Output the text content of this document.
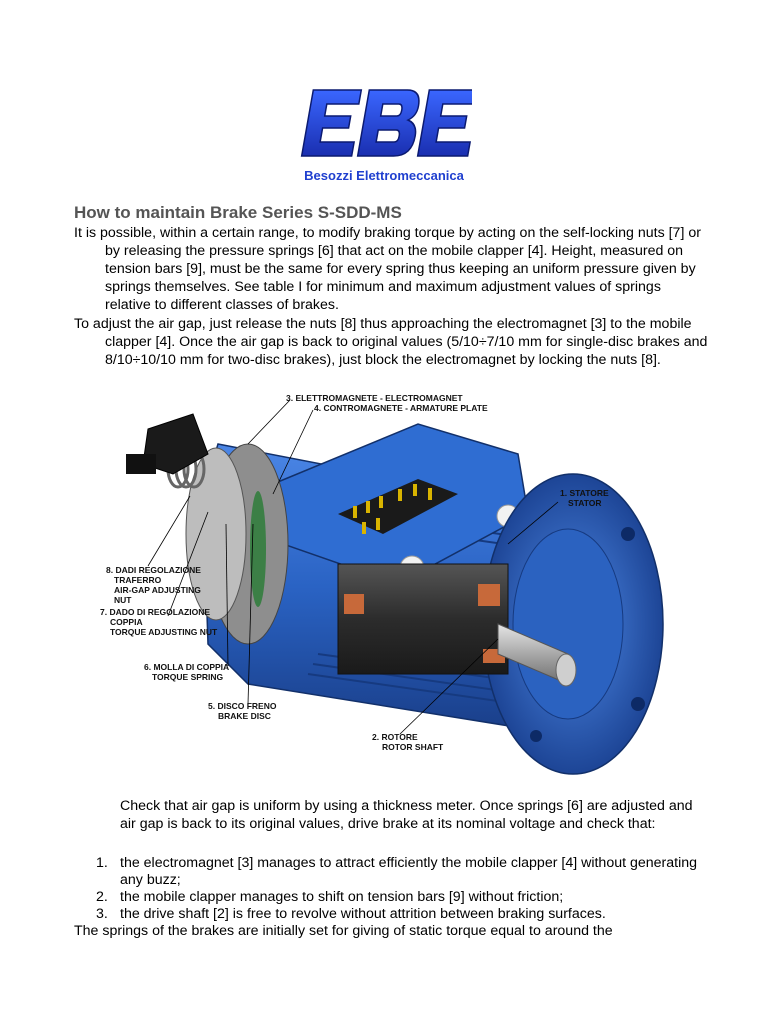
Besozzi Elettromeccanica
How to maintain Brake Series S-SDD-MS

It is possible, within a certain range, to modify braking torque by acting on the self-locking nuts [7] or by releasing the pressure springs [6] that act on the mobile clapper [4]. Height, measured on tension bars [9], must be the same for every spring thus keeping an uniform pressure given by springs themselves. See table I for minimum and maximum adjustment values of springs relative to different classes of brakes.

To adjust the air gap, just release the nuts [8] thus approaching the electromagnet [3] to the mobile clapper [4]. Once the air gap is back to original values (5/10÷7/10 mm for single-disc brakes and 8/10÷10/10 mm for two-disc brakes), just block the electromagnet by locking the nuts [8].

3. ELETTROMAGNETE - ELECTROMAGNET
4. CONTROMAGNETE - ARMATURE PLATE
1. STATORE
STATOR
8. DADI REGOLAZIONE
TRAFERRO
AIR-GAP ADJUSTING
NUT
7. DADO DI REGOLAZIONE
COPPIA
TORQUE ADJUSTING NUT
6. MOLLA DI COPPIA
TORQUE SPRING
5. DISCO FRENO
BRAKE DISC
2. ROTORE
ROTOR SHAFT

Check that air gap is uniform by using a thickness meter. Once springs [6] are adjusted and air gap is back to its original values, drive brake at its nominal voltage and check that:

1. the electromagnet [3] manages to attract efficiently the mobile clapper [4] without generating any buzz;
2. the mobile clapper manages to shift on tension bars [9] without friction;
3. the drive shaft [2] is free to revolve without attrition between braking surfaces.

The springs of the brakes are initially set for giving of static torque equal to around the
